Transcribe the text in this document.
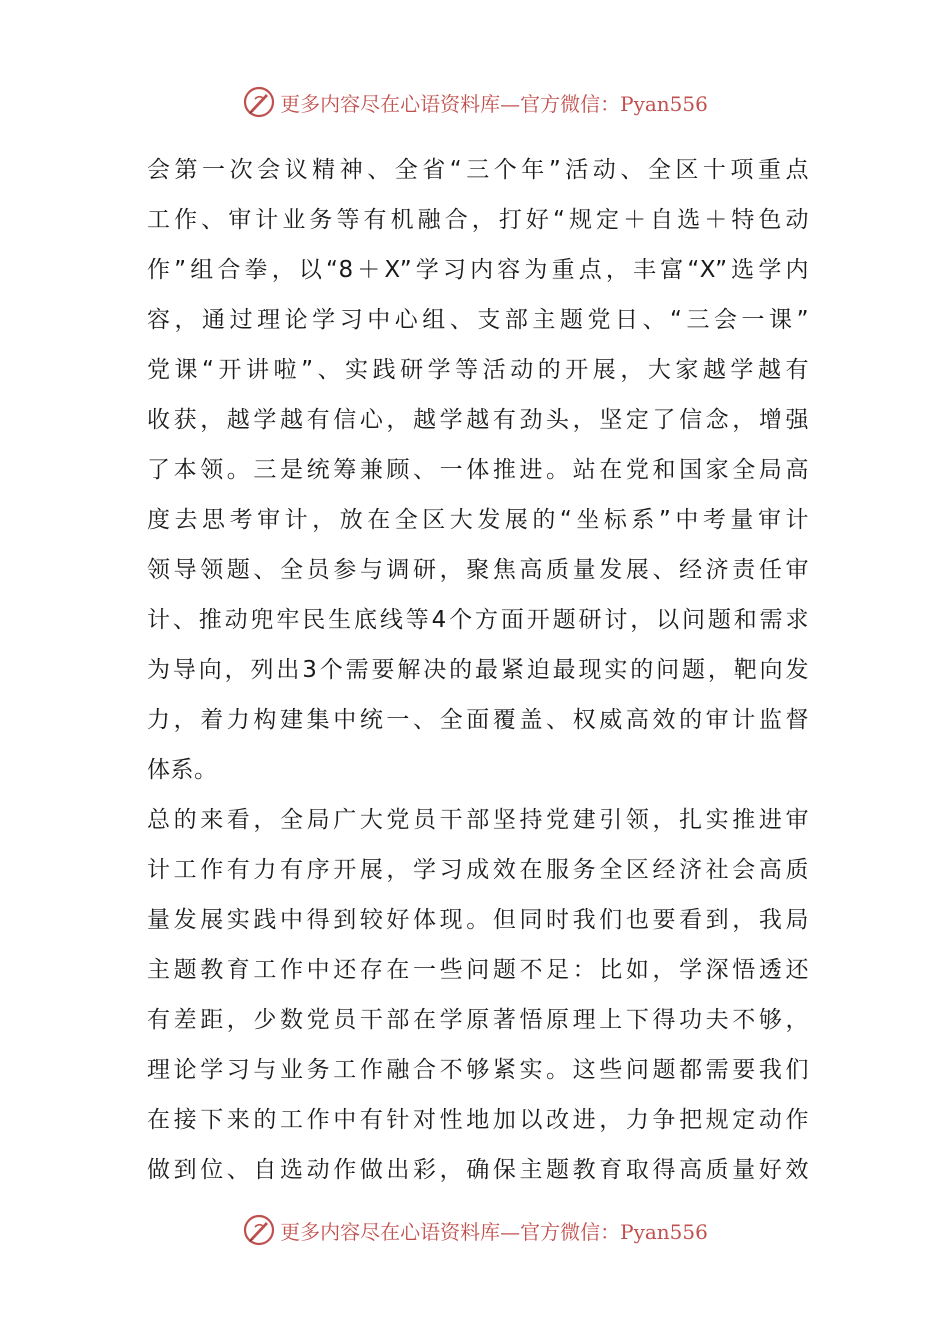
更多内容尽在心语资料库—官方微信：Pyan556
会第一次会议精神、全省“三个年”活动、全区十项重点
工作、审计业务等有机融合，打好“规定＋自选＋特色动
作”组合拳，以“8＋X”学习内容为重点，丰富“X”选学内
容，通过理论学习中心组、支部主题党日、“三会一课”
党课“开讲啦”、实践研学等活动的开展，大家越学越有
收获，越学越有信心，越学越有劲头，坚定了信念，增强
了本领。三是统筹兼顾、一体推进。站在党和国家全局高
度去思考审计，放在全区大发展的“坐标系”中考量审计
领导领题、全员参与调研，聚焦高质量发展、经济责任审
计、推动兜牢民生底线等4个方面开题研讨，以问题和需求
为导向，列出3个需要解决的最紧迫最现实的问题，靶向发
力，着力构建集中统一、全面覆盖、权威高效的审计监督
体系。
总的来看，全局广大党员干部坚持党建引领，扎实推进审
计工作有力有序开展，学习成效在服务全区经济社会高质
量发展实践中得到较好体现。但同时我们也要看到，我局
主题教育工作中还存在一些问题不足：比如，学深悟透还
有差距，少数党员干部在学原著悟原理上下得功夫不够，
理论学习与业务工作融合不够紧实。这些问题都需要我们
在接下来的工作中有针对性地加以改进，力争把规定动作
做到位、自选动作做出彩，确保主题教育取得高质量好效
更多内容尽在心语资料库—官方微信：Pyan556
